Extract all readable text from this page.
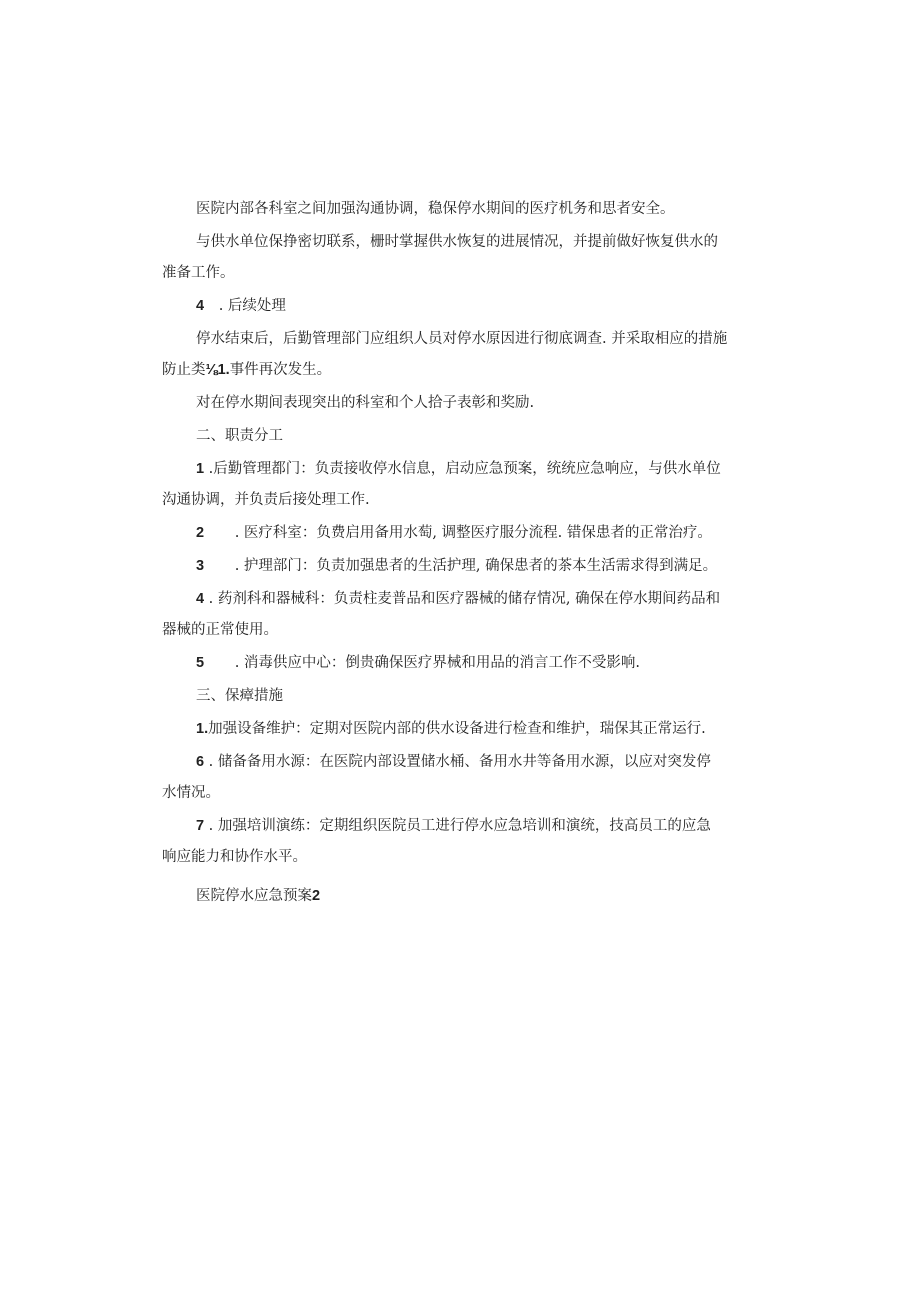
医院内部各科室之间加强沟通协调，稳保停水期间的医疗机务和思者安全。
与供水单位保挣密切联系，栅时掌握供水恢复的进展情况，并提前做好恢复供水的
准备工作。
4 . 后续处理
停水结束后，后勤管理部门应组织人员对停水原因进行彻底调查. 并采取相应的措施
防止类⅛1.事件再次发生。
对在停水期间表现突出的科室和个人拾子表彰和奖励.
二、职责分工
1 .后勤管理都门：负责接收停水信息，启动应急预案，统统应急响应，与供水单位
沟通协调，并负责后接处理工作.
2 . 医疗科室：负费启用备用水萄, 调整医疗服分流程. 错保患者的正常治疗。
3 . 护理部门：负责加强患者的生活护理, 确保患者的茶本生活需求得到满足。
4 . 药剂科和器械科：负责柱麦普品和医疗器械的储存情况, 确保在停水期间药品和
器械的正常使用。
5 . 消毒供应中心：倒贵确保医疗界械和用品的消言工作不受影响.
三、保瘴措施
1.加强设备维护：定期对医院内部的供水设备进行检查和维护，瑞保其正常运行.
6 . 储备备用水源：在医院内部设置储水桶、备用水井等备用水源，以应对突发停
水情况。
7 . 加强培训演练：定期组织医院员工进行停水应急培训和演统，技高员工的应急
响应能力和协作水平。
医院停水应急预案2
